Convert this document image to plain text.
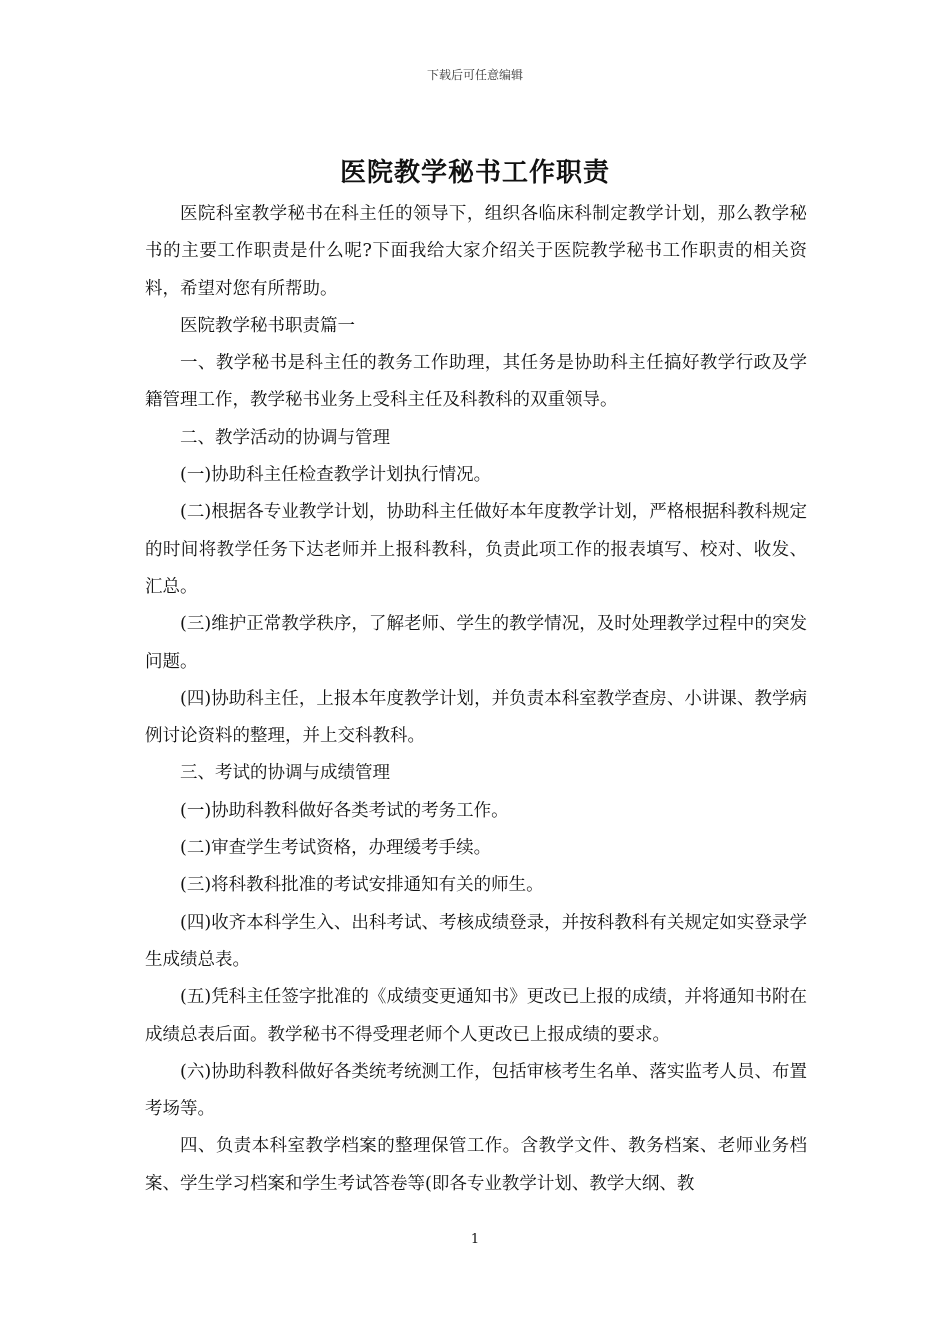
下载后可任意编辑
医院教学秘书工作职责

医院科室教学秘书在科主任的领导下，组织各临床科制定教学计划，那么教学秘书的主要工作职责是什么呢?下面我给大家介绍关于医院教学秘书工作职责的相关资料，希望对您有所帮助。

医院教学秘书职责篇一

一、教学秘书是科主任的教务工作助理，其任务是协助科主任搞好教学行政及学籍管理工作，教学秘书业务上受科主任及科教科的双重领导。

二、教学活动的协调与管理

(一)协助科主任检查教学计划执行情况。

(二)根据各专业教学计划，协助科主任做好本年度教学计划，严格根据科教科规定的时间将教学任务下达老师并上报科教科，负责此项工作的报表填写、校对、收发、汇总。

(三)维护正常教学秩序，了解老师、学生的教学情况，及时处理教学过程中的突发问题。

(四)协助科主任，上报本年度教学计划，并负责本科室教学查房、小讲课、教学病例讨论资料的整理，并上交科教科。

三、考试的协调与成绩管理

(一)协助科教科做好各类考试的考务工作。

(二)审查学生考试资格，办理缓考手续。

(三)将科教科批准的考试安排通知有关的师生。

(四)收齐本科学生入、出科考试、考核成绩登录，并按科教科有关规定如实登录学生成绩总表。

(五)凭科主任签字批准的《成绩变更通知书》更改已上报的成绩，并将通知书附在成绩总表后面。教学秘书不得受理老师个人更改已上报成绩的要求。

(六)协助科教科做好各类统考统测工作，包括审核考生名单、落实监考人员、布置考场等。

四、负责本科室教学档案的整理保管工作。含教学文件、教务档案、老师业务档案、学生学习档案和学生考试答卷等(即各专业教学计划、教学大纲、教

1
